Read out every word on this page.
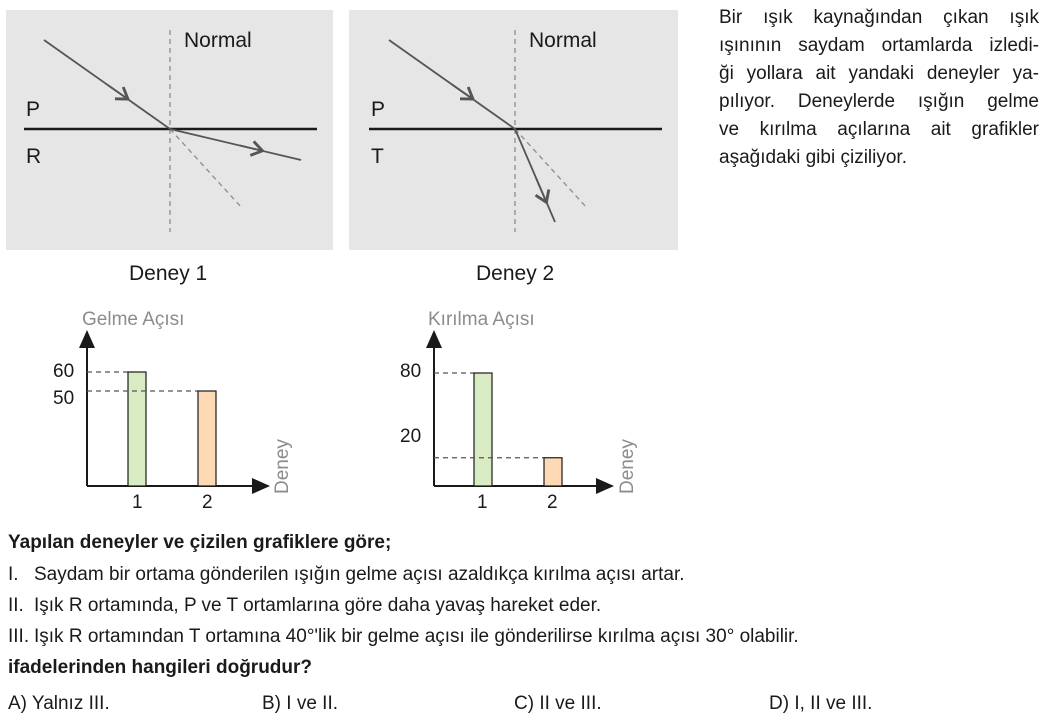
Normal
P
R
Deney 1
Normal
P
T
Deney 2
Bir ışık kaynağından çıkan ışık
ışınının saydam ortamlarda izledi-
ği yollara ait yandaki deneyler ya-
pılıyor. Deneylerde ışığın gelme
ve kırılma açılarına ait grafikler
aşağıdaki gibi çiziliyor.
Gelme Açısı
60
50
1	2
Deney
Kırılma Açısı
80
20
1	2
Deney
Yapılan deneyler ve çizilen grafiklere göre;
I. Saydam bir ortama gönderilen ışığın gelme açısı azaldıkça kırılma açısı artar.
II. Işık R ortamında, P ve T ortamlarına göre daha yavaş hareket eder.
III. Işık R ortamından T ortamına 40°'lik bir gelme açısı ile gönderilirse kırılma açısı 30° olabilir.
ifadelerinden hangileri doğrudur?
A) Yalnız III.	B) I ve II.	C) II ve III.	D) I, II ve III.
